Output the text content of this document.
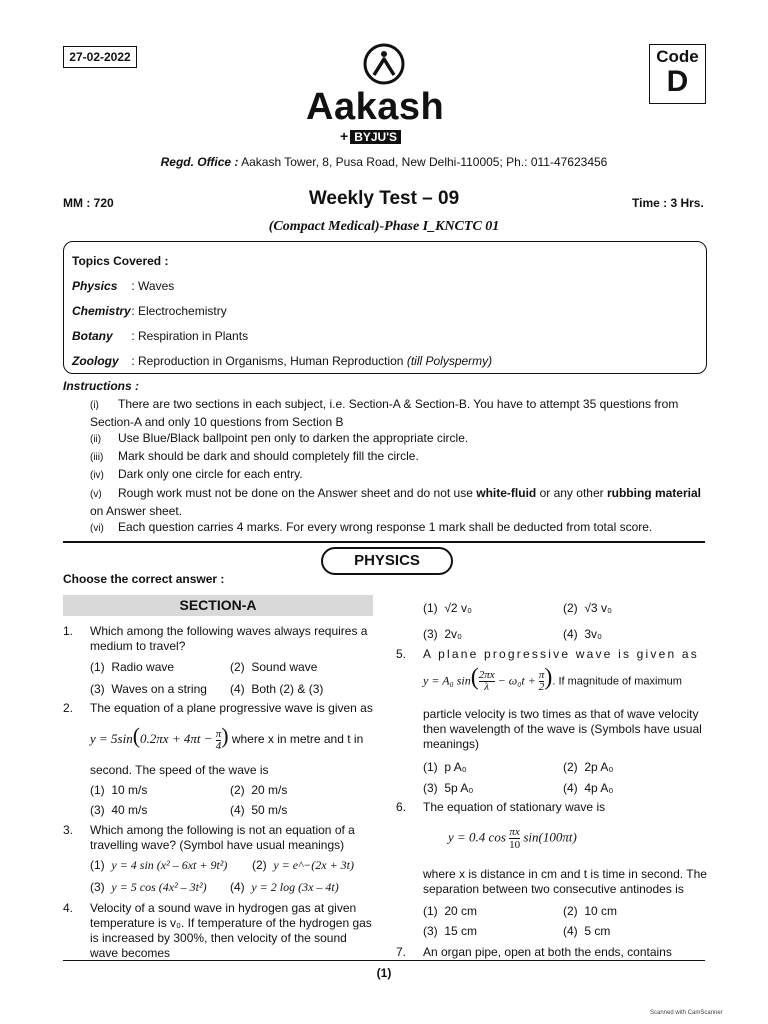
27-02-2022	Code
D
Aakash
+ BYJU'S
Regd. Office : Aakash Tower, 8, Pusa Road, New Delhi-110005; Ph.: 011-47623456
MM : 720	Weekly Test – 09	Time : 3 Hrs.
(Compact Medical)-Phase I_KNCTC 01
Topics Covered :
Physics : Waves
Chemistry : Electrochemistry
Botany : Respiration in Plants
Zoology : Reproduction in Organisms, Human Reproduction (till Polyspermy)
Instructions :
(i) There are two sections in each subject, i.e. Section-A & Section-B. You have to attempt 35 questions from Section-A and only 10 questions from Section B
(ii) Use Blue/Black ballpoint pen only to darken the appropriate circle.
(iii) Mark should be dark and should completely fill the circle.
(iv) Dark only one circle for each entry.
(v) Rough work must not be done on the Answer sheet and do not use white-fluid or any other rubbing material on Answer sheet.
(vi) Each question carries 4 marks. For every wrong response 1 mark shall be deducted from total score.
PHYSICS
Choose the correct answer :
SECTION-A
1. Which among the following waves always requires a medium to travel?
(1) Radio wave	(2) Sound wave
(3) Waves on a string (4) Both (2) & (3)
2. The equation of a plane progressive wave is given as
$y = 5\sin(0.2\pi x + 4\pi t - \frac{\pi}{4}$ ) where x in metre and t in
second. The speed of the wave is
(1) 10 m/s	(2) 20 m/s
(3) 40 m/s	(4) 50 m/s
3. Which among the following is not an equation of a travelling wave? (Symbol have usual meanings)
(1) y = 4 sin (x² – 6xt + 9t²) (2) y = e^−(2x + 3t)
(3) y = 5 cos (4x² – 3t²) (4) y = 2 log (3x – 4t)
4. Velocity of a sound wave in hydrogen gas at given temperature is v₀. If temperature of the hydrogen gas is increased by 300%, then velocity of the sound wave becomes
(1) √2 v₀	(2) √3 v₀
(3) 2v₀	(4) 3v₀
5. A plane progressive wave is given as
y = A₀ $\sin( \frac{2\pi x}{\lambda} - \omega_0t + \frac{\pi}{2}$ ). If magnitude of maximum
particle velocity is two times as that of wave velocity then wavelength of the wave is (Symbols have usual meanings)
(1) p A₀	(2) 2p A₀
(3) 5p A₀	(4) 4p A₀
6. The equation of stationary wave is
y = 0.4 $\cos \frac{\pi x}{10} \sin(100\pi t)$
where x is distance in cm and t is time in second. The separation between two consecutive antinodes is
(1) 20 cm	(2) 10 cm
(3) 15 cm	(4) 5 cm
7. An organ pipe, open at both the ends, contains
(1)
Scanned with CamScanner
